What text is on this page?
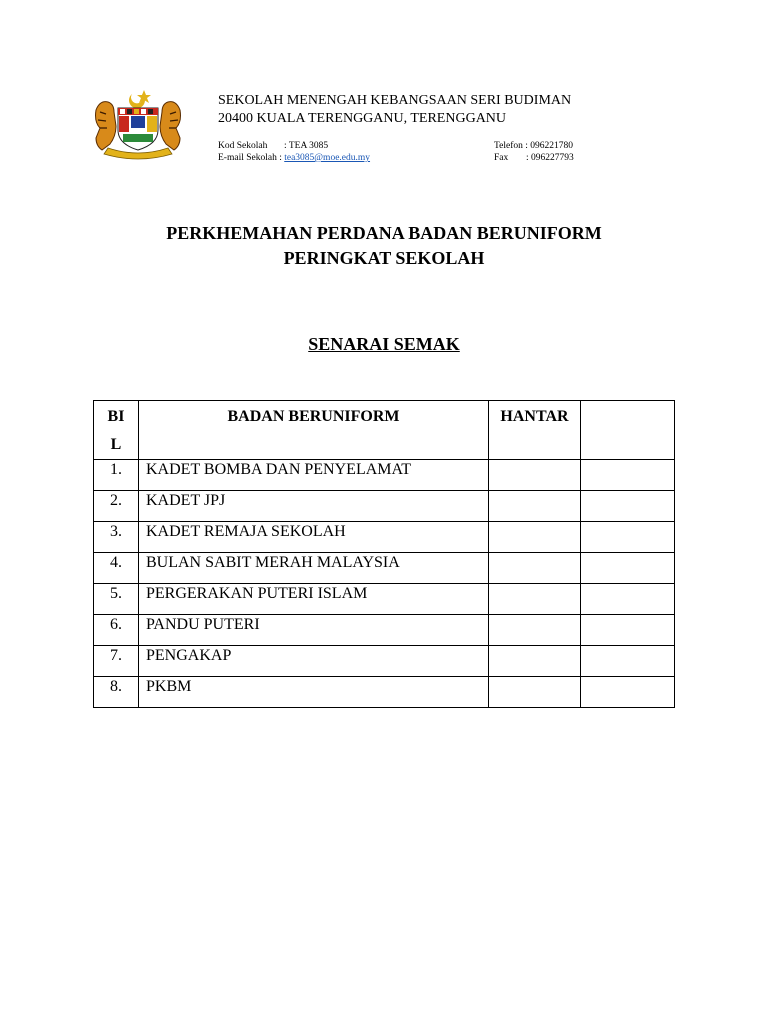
SEKOLAH MENENGAH KEBANGSAAN SERI BUDIMAN
20400 KUALA TERENGGANU, TERENGGANU
Kod Sekolah : TEA 3085
E-mail Sekolah : tea3085@moe.edu.my
Telefon : 096221780
Fax : 096227793
PERKHEMAHAN PERDANA BADAN BERUNIFORM
PERINGKAT SEKOLAH
SENARAI SEMAK
BI
L	BADAN BERUNIFORM	HANTAR	

1.	KADET BOMBA DAN PENYELAMAT		
2.	KADET JPJ		
3.	KADET REMAJA SEKOLAH		
4.	BULAN SABIT MERAH MALAYSIA		
5.	PERGERAKAN PUTERI ISLAM		
6.	PANDU PUTERI		
7.	PENGAKAP		
8.	PKBM		
